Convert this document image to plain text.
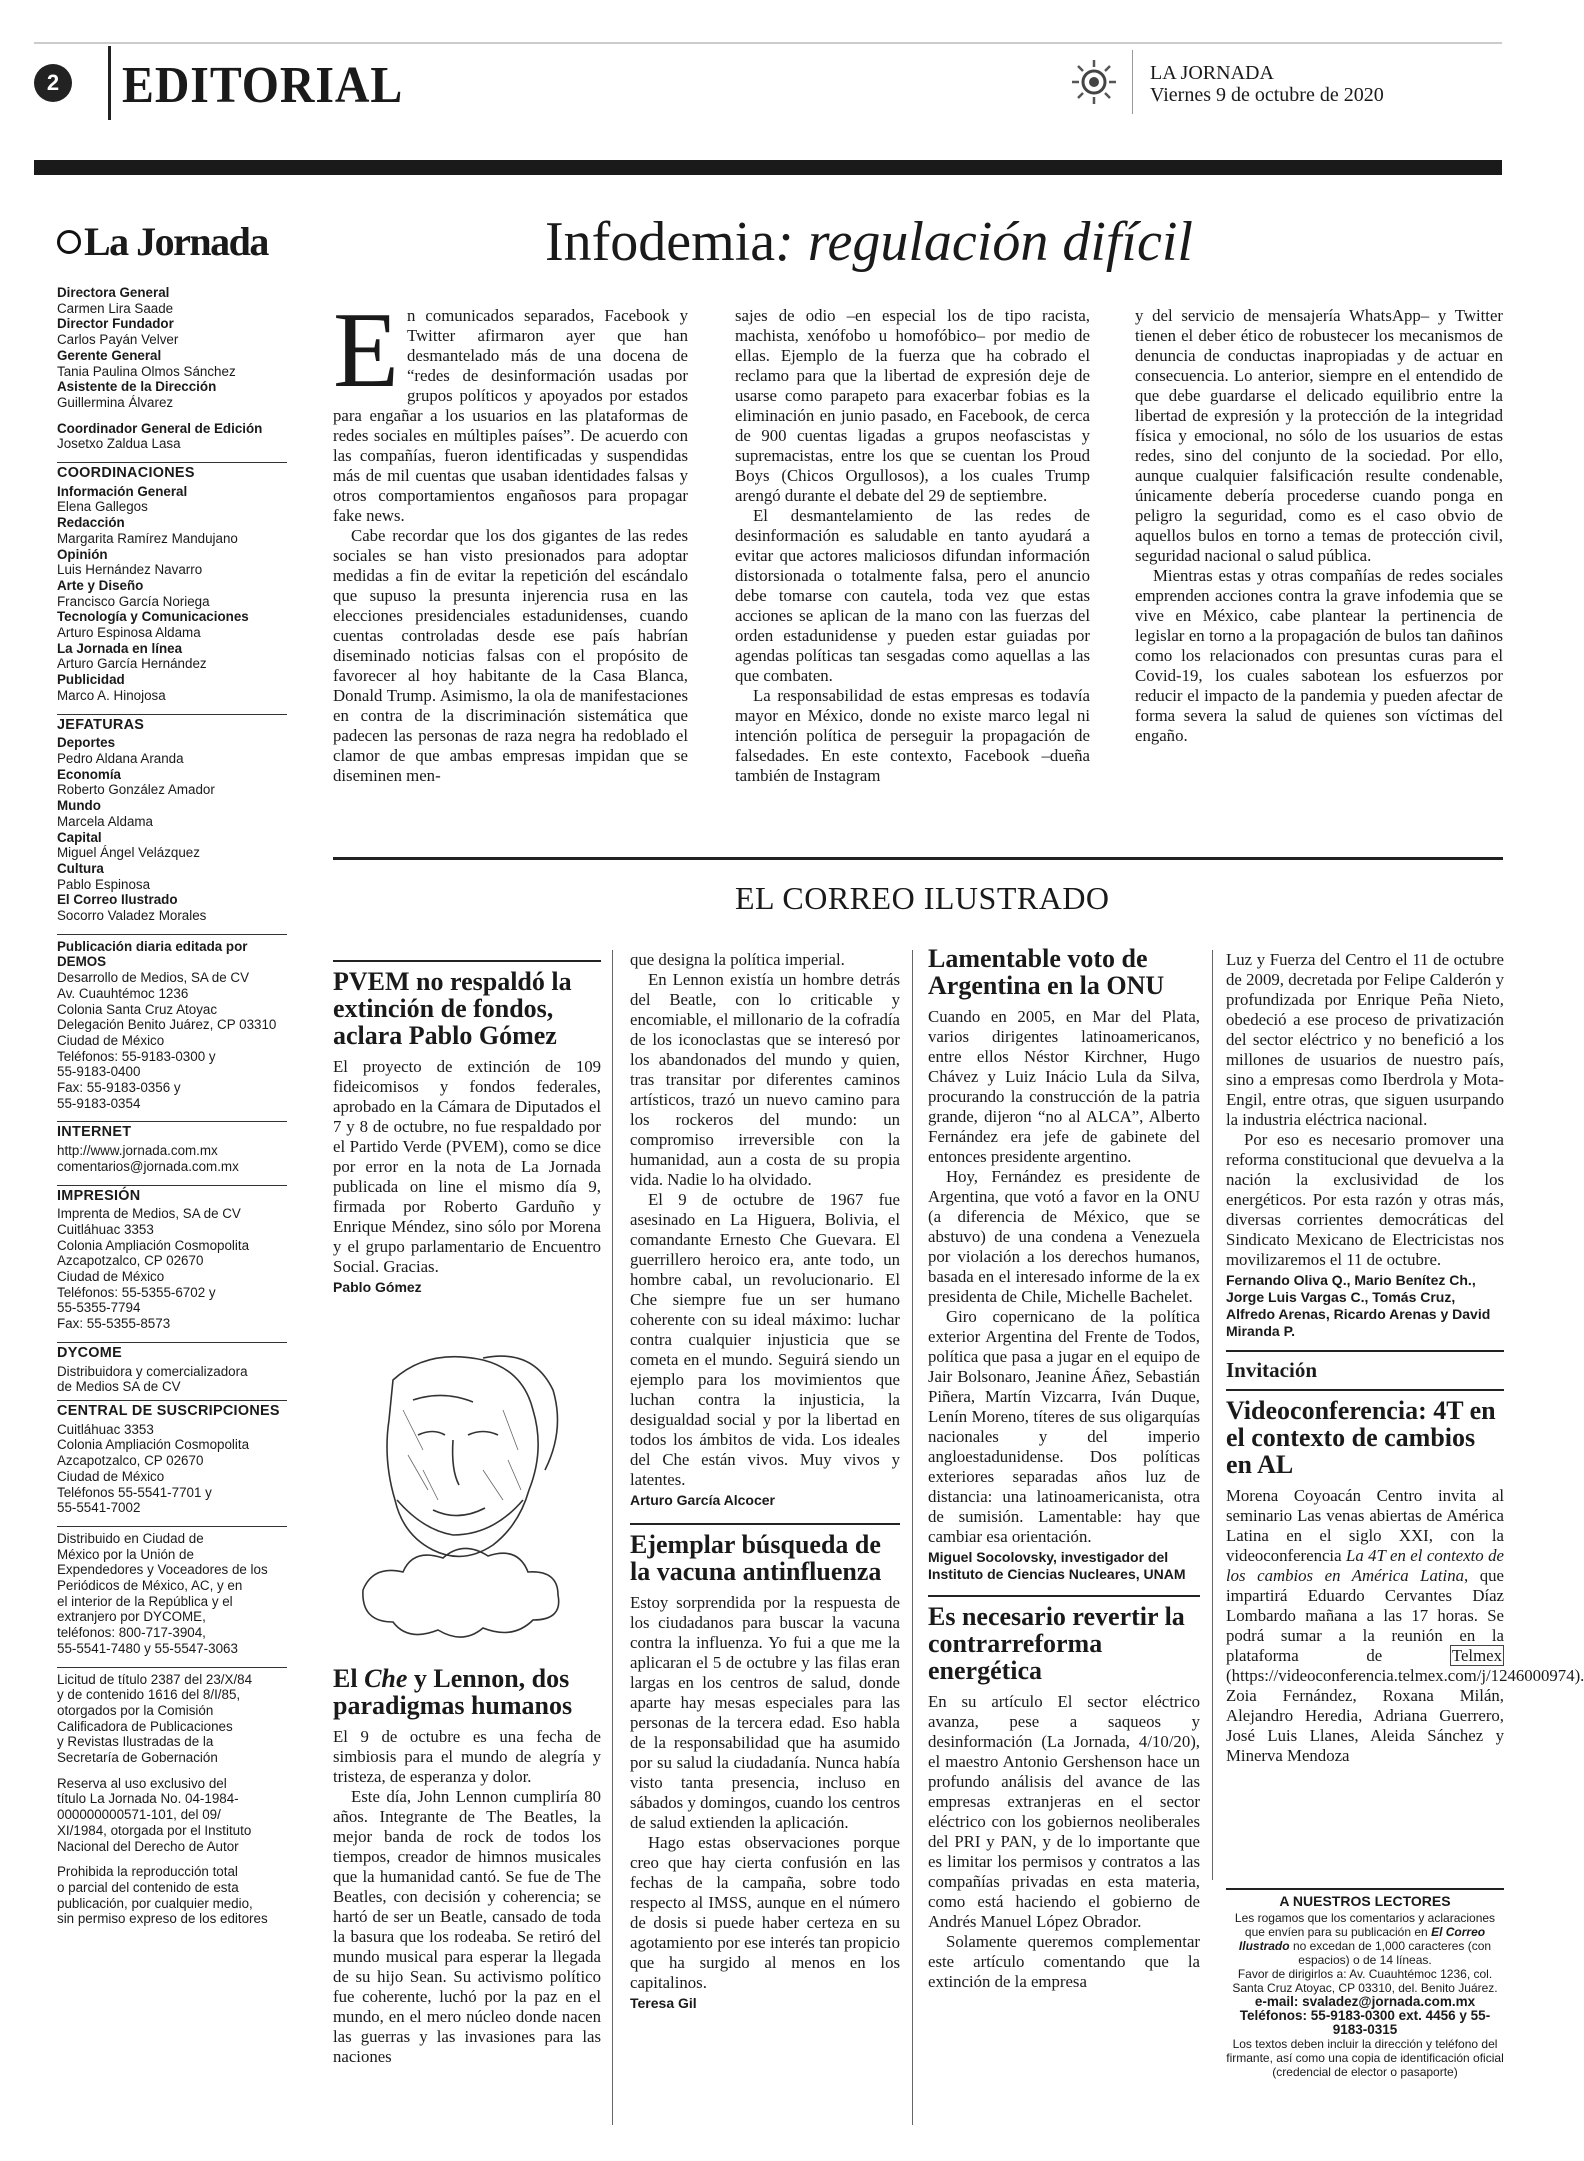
2 EDITORIAL	LA JORNADA
Viernes 9 de octubre de 2020
La Jornada
Directora General
Carmen Lira Saade
Director Fundador
Carlos Payán Velver
Gerente General
Tania Paulina Olmos Sánchez
Asistente de la Dirección
Guillermina Álvarez
Coordinador General de Edición
Josetxo Zaldua Lasa
COORDINACIONES
Información General
Elena Gallegos
Redacción
Margarita Ramírez Mandujano
Opinión
Luis Hernández Navarro
Arte y Diseño
Francisco García Noriega
Tecnología y Comunicaciones
Arturo Espinosa Aldama
La Jornada en línea
Arturo García Hernández
Publicidad
Marco A. Hinojosa
JEFATURAS
Deportes
Pedro Aldana Aranda
Economía
Roberto González Amador
Mundo
Marcela Aldama
Capital
Miguel Ángel Velázquez
Cultura
Pablo Espinosa
El Correo Ilustrado
Socorro Valadez Morales
Publicación diaria editada por DEMOS
Desarrollo de Medios, SA de CV
Av. Cuauhtémoc 1236
Colonia Santa Cruz Atoyac
Delegación Benito Juárez, CP 03310
Ciudad de México
Teléfonos: 55-9183-0300 y
55-9183-0400
Fax: 55-9183-0356 y
55-9183-0354
INTERNET
http://www.jornada.com.mx
comentarios@jornada.com.mx
IMPRESIÓN
Imprenta de Medios, SA de CV
Cuitláhuac 3353
Colonia Ampliación Cosmopolita
Azcapotzalco, CP 02670
Ciudad de México
Teléfonos: 55-5355-6702 y
55-5355-7794
Fax: 55-5355-8573
DYCOME
Distribuidora y comercializadora
de Medios SA de CV
CENTRAL DE SUSCRIPCIONES
Cuitláhuac 3353
Colonia Ampliación Cosmopolita
Azcapotzalco, CP 02670
Ciudad de México
Teléfonos 55-5541-7701 y
55-5541-7002
Distribuido en Ciudad de
México por la Unión de
Expendedores y Voceadores de los
Periódicos de México, AC, y en
el interior de la República y el
extranjero por DYCOME,
teléfonos: 800-717-3904,
55-5541-7480 y 55-5547-3063
Licitud de título 2387 del 23/X/84
y de contenido 1616 del 8/I/85,
otorgados por la Comisión
Calificadora de Publicaciones
y Revistas Ilustradas de la
Secretaría de Gobernación
Reserva al uso exclusivo del
título La Jornada No. 04-1984-
000000000571-101, del 09/
XI/1984, otorgada por el Instituto
Nacional del Derecho de Autor
Prohibida la reproducción total
o parcial del contenido de esta
publicación, por cualquier medio,
sin permiso expreso de los editores
Infodemia: regulación difícil

En comunicados separados, Facebook y Twitter afirmaron ayer que han desmantelado más de una docena de “redes de desinformación usadas por grupos políticos y apoyados por estados para engañar a los usuarios en las plataformas de redes sociales en múltiples países”. De acuerdo con las compañías, fueron identificadas y suspendidas más de mil cuentas que usaban identidades falsas y otros comportamientos engañosos para propagar fake news.

Cabe recordar que los dos gigantes de las redes sociales se han visto presionados para adoptar medidas a fin de evitar la repetición del escándalo que supuso la presunta injerencia rusa en las elecciones presidenciales estadunidenses, cuando cuentas controladas desde ese país habrían diseminado noticias falsas con el propósito de favorecer al hoy habitante de la Casa Blanca, Donald Trump. Asimismo, la ola de manifestaciones en contra de la discriminación sistemática que padecen las personas de raza negra ha redoblado el clamor de que ambas empresas impidan que se diseminen men-

sajes de odio –en especial los de tipo racista, machista, xenófobo u homofóbico– por medio de ellas. Ejemplo de la fuerza que ha cobrado el reclamo para que la libertad de expresión deje de usarse como parapeto para exacerbar fobias es la eliminación en junio pasado, en Facebook, de cerca de 900 cuentas ligadas a grupos neofascistas y supremacistas, entre los que se cuentan los Proud Boys (Chicos Orgullosos), a los cuales Trump arengó durante el debate del 29 de septiembre.

El desmantelamiento de las redes de desinformación es saludable en tanto ayudará a evitar que actores maliciosos difundan información distorsionada o totalmente falsa, pero el anuncio debe tomarse con cautela, toda vez que estas acciones se aplican de la mano con las fuerzas del orden estadunidense y pueden estar guiadas por agendas políticas tan sesgadas como aquellas a las que combaten.

La responsabilidad de estas empresas es todavía mayor en México, donde no existe marco legal ni intención política de perseguir la propagación de falsedades. En este contexto, Facebook –dueña también de Instagram

y del servicio de mensajería WhatsApp– y Twitter tienen el deber ético de robustecer los mecanismos de denuncia de conductas inapropiadas y de actuar en consecuencia. Lo anterior, siempre en el entendido de que debe guardarse el delicado equilibrio entre la libertad de expresión y la protección de la integridad física y emocional, no sólo de los usuarios de estas redes, sino del conjunto de la sociedad. Por ello, aunque cualquier falsificación resulte condenable, únicamente debería procederse cuando ponga en peligro la seguridad, como es el caso obvio de aquellos bulos en torno a temas de protección civil, seguridad nacional o salud pública.

Mientras estas y otras compañías de redes sociales emprenden acciones contra la grave infodemia que se vive en México, cabe plantear la pertinencia de legislar en torno a la propagación de bulos tan dañinos como los relacionados con presuntas curas para el Covid-19, los cuales sabotean los esfuerzos por reducir el impacto de la pandemia y pueden afectar de forma severa la salud de quienes son víctimas del engaño.

EL CORREO ILUSTRADO
PVEM no respaldó la extinción de fondos, aclara Pablo Gómez

El proyecto de extinción de 109 fideicomisos y fondos federales, aprobado en la Cámara de Diputados el 7 y 8 de octubre, no fue respaldado por el Partido Verde (PVEM), como se dice por error en la nota de La Jornada publicada on line el mismo día 9, firmada por Roberto Garduño y Enrique Méndez, sino sólo por Morena y el grupo parlamentario de Encuentro Social. Gracias.

Pablo Gómez
El Che y Lennon, dos paradigmas humanos

El 9 de octubre es una fecha de simbiosis para el mundo de alegría y tristeza, de esperanza y dolor.

Este día, John Lennon cumpliría 80 años. Integrante de The Beatles, la mejor banda de rock de todos los tiempos, creador de himnos musicales que la humanidad cantó. Se fue de The Beatles, con decisión y coherencia; se hartó de ser un Beatle, cansado de toda la basura que los rodeaba. Se retiró del mundo musical para esperar la llegada de su hijo Sean. Su activismo político fue coherente, luchó por la paz en el mundo, en el mero núcleo donde nacen las guerras y las invasiones para las naciones

que designa la política imperial.

En Lennon existía un hombre detrás del Beatle, con lo criticable y encomiable, el millonario de la cofradía de los iconoclastas que se interesó por los abandonados del mundo y quien, tras transitar por diferentes caminos artísticos, trazó un nuevo camino para los rockeros del mundo: un compromiso irreversible con la humanidad, aun a costa de su propia vida. Nadie lo ha olvidado.

El 9 de octubre de 1967 fue asesinado en La Higuera, Bolivia, el comandante Ernesto Che Guevara. El guerrillero heroico era, ante todo, un hombre cabal, un revolucionario. El Che siempre fue un ser humano coherente con su ideal máximo: luchar contra cualquier injusticia que se cometa en el mundo. Seguirá siendo un ejemplo para los movimientos que luchan contra la injusticia, la desigualdad social y por la libertad en todos los ámbitos de vida. Los ideales del Che están vivos. Muy vivos y latentes.

Arturo García Alcocer
Ejemplar búsqueda de la vacuna antinfluenza

Estoy sorprendida por la respuesta de los ciudadanos para buscar la vacuna contra la influenza. Yo fui a que me la aplicaran el 5 de octubre y las filas eran largas en los centros de salud, donde aparte hay mesas especiales para las personas de la tercera edad. Eso habla de la responsabilidad que ha asumido por su salud la ciudadanía. Nunca había visto tanta presencia, incluso en sábados y domingos, cuando los centros de salud extienden la aplicación.

Hago estas observaciones porque creo que hay cierta confusión en las fechas de la campaña, sobre todo respecto al IMSS, aunque en el número de dosis si puede haber certeza en su agotamiento por ese interés tan propicio que ha surgido al menos en los capitalinos.

Teresa Gil
Lamentable voto de Argentina en la ONU

Cuando en 2005, en Mar del Plata, varios dirigentes latinoamericanos, entre ellos Néstor Kirchner, Hugo Chávez y Luiz Inácio Lula da Silva, procurando la construcción de la patria grande, dijeron “no al ALCA”, Alberto Fernández era jefe de gabinete del entonces presidente argentino.

Hoy, Fernández es presidente de Argentina, que votó a favor en la ONU (a diferencia de México, que se abstuvo) de una condena a Venezuela por violación a los derechos humanos, basada en el interesado informe de la ex presidenta de Chile, Michelle Bachelet.

Giro copernicano de la política exterior Argentina del Frente de Todos, política que pasa a jugar en el equipo de Jair Bolsonaro, Jeanine Áñez, Sebastián Piñera, Martín Vizcarra, Iván Duque, Lenín Moreno, títeres de sus oligarquías nacionales y del imperio angloestadunidense. Dos políticas exteriores separadas años luz de distancia: una latinoamericanista, otra de sumisión. Lamentable: hay que cambiar esa orientación.

Miguel Socolovsky, investigador del Instituto de Ciencias Nucleares, UNAM
Es necesario revertir la contrarreforma energética

En su artículo El sector eléctrico avanza, pese a saqueos y desinformación (La Jornada, 4/10/20), el maestro Antonio Gershenson hace un profundo análisis del avance de las empresas extranjeras en el sector eléctrico con los gobiernos neoliberales del PRI y PAN, y de lo importante que es limitar los permisos y contratos a las compañías privadas en esta materia, como está haciendo el gobierno de Andrés Manuel López Obrador.

Solamente queremos complementar este artículo comentando que la extinción de la empresa

Luz y Fuerza del Centro el 11 de octubre de 2009, decretada por Felipe Calderón y profundizada por Enrique Peña Nieto, obedeció a ese proceso de privatización del sector eléctrico y no benefició a los millones de usuarios de nuestro país, sino a empresas como Iberdrola y Mota-Engil, entre otras, que siguen usurpando la industria eléctrica nacional.

Por eso es necesario promover una reforma constitucional que devuelva a la nación la exclusividad de los energéticos. Por esta razón y otras más, diversas corrientes democráticas del Sindicato Mexicano de Electricistas nos movilizaremos el 11 de octubre.

Fernando Oliva Q., Mario Benítez Ch., Jorge Luis Vargas C., Tomás Cruz, Alfredo Arenas, Ricardo Arenas y David Miranda P.
Invitación
Videoconferencia: 4T en el contexto de cambios en AL

Morena Coyoacán Centro invita al seminario Las venas abiertas de América Latina en el siglo XXI, con la videoconferencia La 4T en el contexto de los cambios en América Latina, que impartirá Eduardo Cervantes Díaz Lombardo mañana a las 17 horas. Se podrá sumar a la reunión en la plataforma de Telmex (https://videoconferencia.telmex.com/j/1246000974).

Zoia Fernández, Roxana Milán, Alejandro Heredia, Adriana Guerrero, José Luis Llanes, Aleida Sánchez y Minerva Mendoza

A NUESTROS LECTORES
Les rogamos que los comentarios y aclaraciones que envíen para su publicación en El Correo Ilustrado no excedan de 1,000 caracteres (con espacios) o de 14 líneas.
Favor de dirigirlos a: Av. Cuauhtémoc 1236, col. Santa Cruz Atoyac, CP 03310, del. Benito Juárez.
e-mail: svaladez@jornada.com.mx
Teléfonos: 55-9183-0300 ext. 4456 y 55-9183-0315
Los textos deben incluir la dirección y teléfono del firmante, así como una copia de identificación oficial (credencial de elector o pasaporte)
